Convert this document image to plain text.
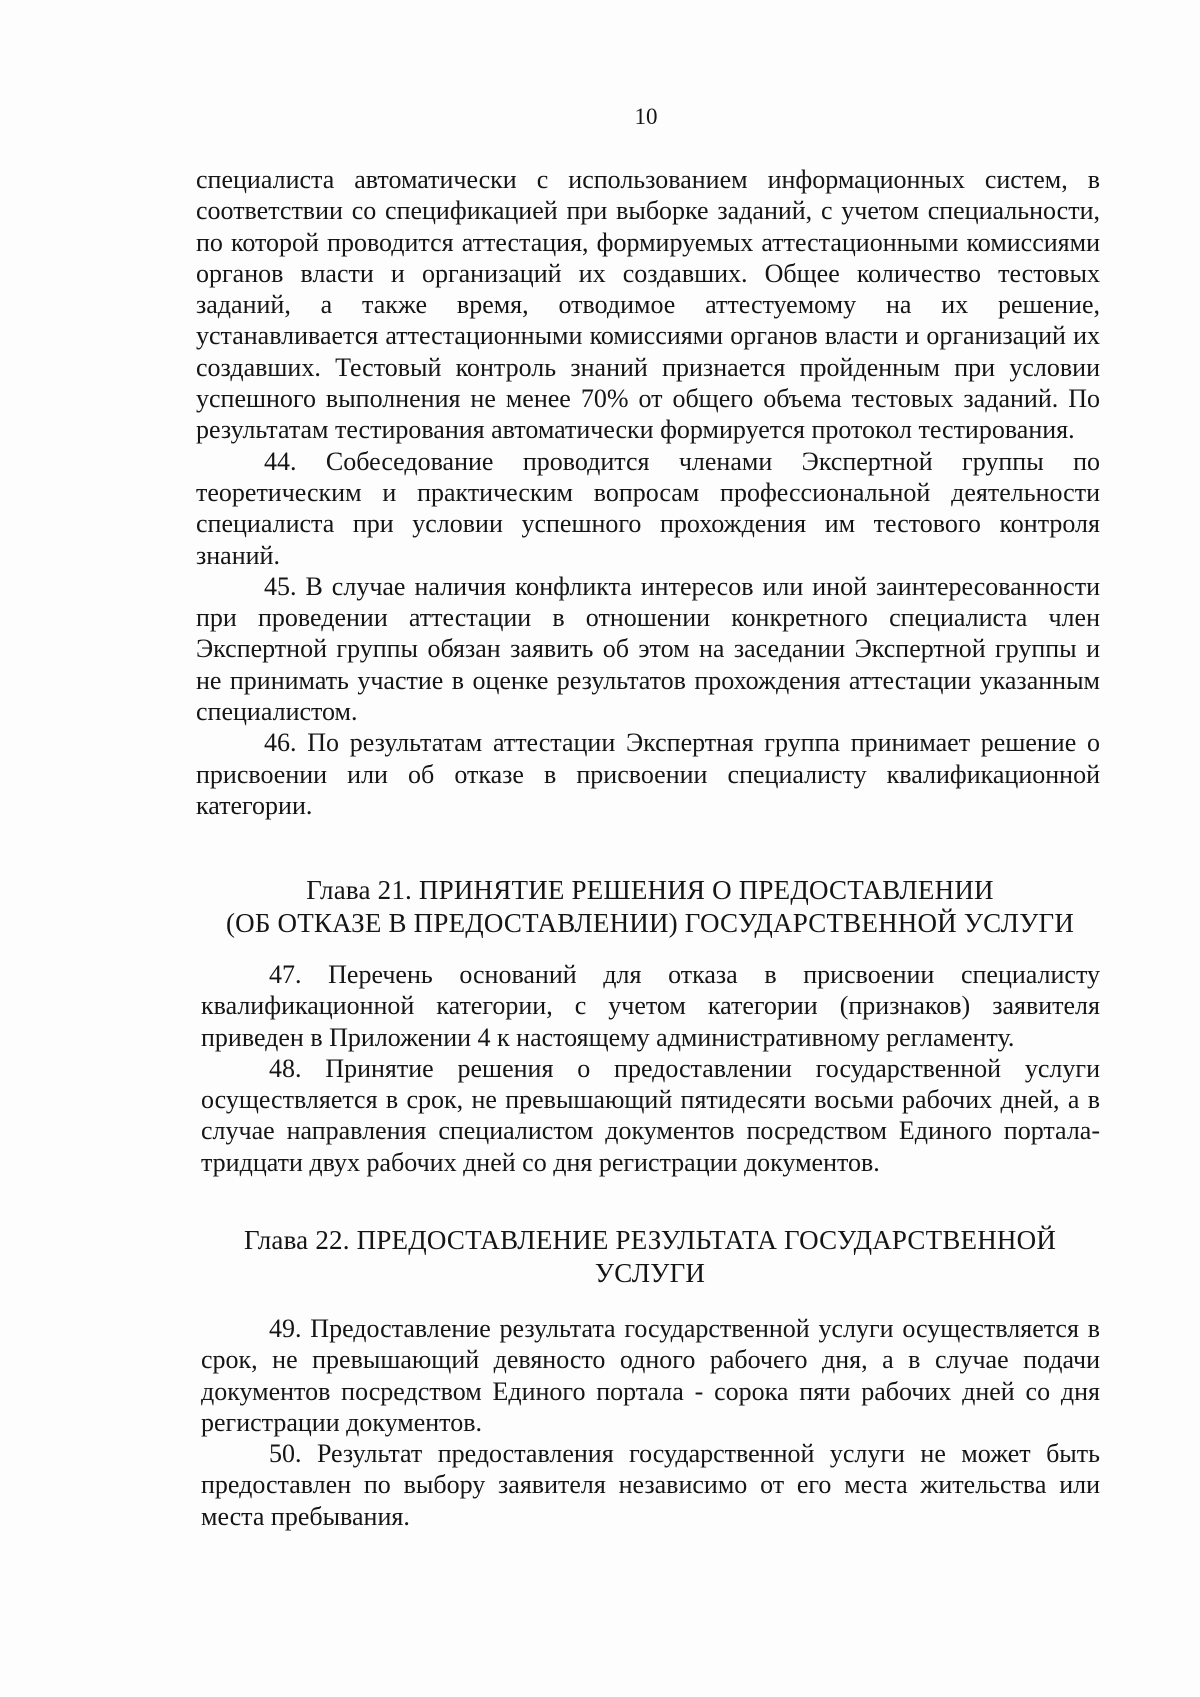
10

специалиста автоматически с использованием информационных систем, в соответствии со спецификацией при выборке заданий, с учетом специальности, по которой проводится аттестация, формируемых аттестационными комиссиями органов власти и организаций их создавших. Общее количество тестовых заданий, а также время, отводимое аттестуемому на их решение, устанавливается аттестационными комиссиями органов власти и организаций их создавших. Тестовый контроль знаний признается пройденным при условии успешного выполнения не менее 70% от общего объема тестовых заданий. По результатам тестирования автоматически формируется протокол тестирования.

44. Собеседование проводится членами Экспертной группы по теоретическим и практическим вопросам профессиональной деятельности специалиста при условии успешного прохождения им тестового контроля знаний.

45. В случае наличия конфликта интересов или иной заинтересованности при проведении аттестации в отношении конкретного специалиста член Экспертной группы обязан заявить об этом на заседании Экспертной группы и не принимать участие в оценке результатов прохождения аттестации указанным специалистом.

46. По результатам аттестации Экспертная группа принимает решение о присвоении или об отказе в присвоении специалисту квалификационной категории.

Глава 21. ПРИНЯТИЕ РЕШЕНИЯ О ПРЕДОСТАВЛЕНИИ
(ОБ ОТКАЗЕ В ПРЕДОСТАВЛЕНИИ) ГОСУДАРСТВЕННОЙ УСЛУГИ

47. Перечень оснований для отказа в присвоении специалисту квалификационной категории, с учетом категории (признаков) заявителя приведен в Приложении 4 к настоящему административному регламенту.

48. Принятие решения о предоставлении государственной услуги осуществляется в срок, не превышающий пятидесяти восьми рабочих дней, а в случае направления специалистом документов посредством Единого портала-тридцати двух рабочих дней со дня регистрации документов.

Глава 22. ПРЕДОСТАВЛЕНИЕ РЕЗУЛЬТАТА ГОСУДАРСТВЕННОЙ
УСЛУГИ

49. Предоставление результата государственной услуги осуществляется в срок, не превышающий девяносто одного рабочего дня, а в случае подачи документов посредством Единого портала - сорока пяти рабочих дней со дня регистрации документов.

50. Результат предоставления государственной услуги не может быть предоставлен по выбору заявителя независимо от его места жительства или места пребывания.
